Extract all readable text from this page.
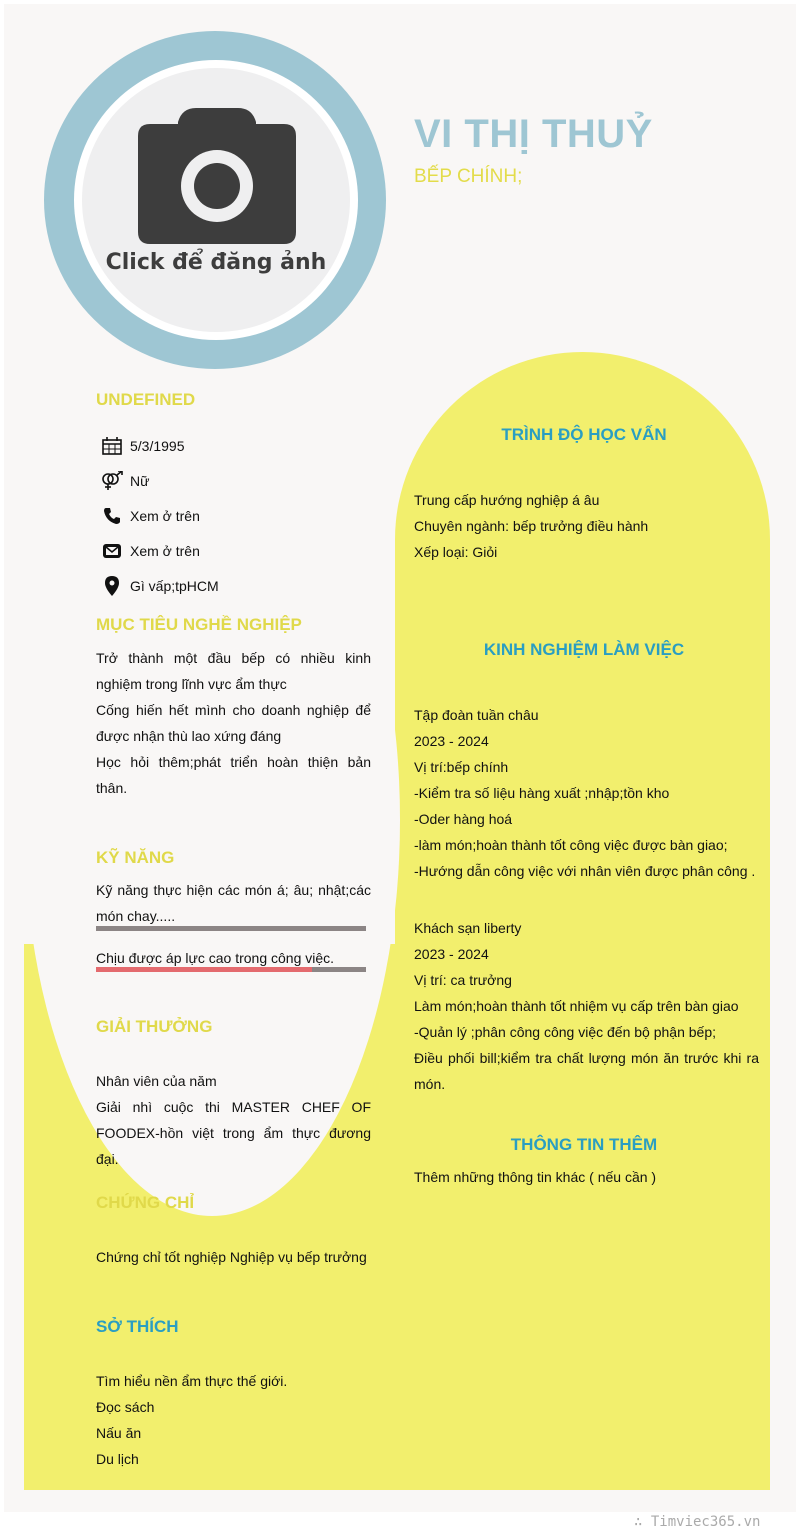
Click để đăng ảnh
VI THỊ THUỶ
BẾP CHÍNH;
UNDEFINED
5/3/1995
Nữ
Xem ở trên
Xem ở trên
Gì vấp;tpHCM
MỤC TIÊU NGHỀ NGHIỆP
Trở thành một đầu bếp có nhiều kinh nghiệm trong lĩnh vực ẩm thực
Cống hiến hết mình cho doanh nghiệp để được nhận thù lao xứng đáng
Học hỏi thêm;phát triển hoàn thiện bản thân.
KỸ NĂNG
Kỹ năng thực hiện các món á; âu; nhật;các món chay.....
Chịu được áp lực cao trong công việc.
GIẢI THƯỞNG
Nhân viên của năm
Giải nhì cuộc thi MASTER CHEF OF FOODEX-hồn việt trong ẩm thực đương đại.
CHỨNG CHỈ
Chứng chỉ tốt nghiệp Nghiệp vụ bếp trưởng
SỞ THÍCH
Tìm hiểu nền ẩm thực thế giới.
Đọc sách
Nấu ăn
Du lịch
TRÌNH ĐỘ HỌC VẤN
Trung cấp hướng nghiệp á âu
Chuyên ngành: bếp trưởng điều hành
Xếp loại: Giỏi
KINH NGHIỆM LÀM VIỆC
Tập đoàn tuần châu
2023 - 2024
Vị trí:bếp chính
-Kiểm tra số liệu hàng xuất ;nhập;tồn kho
-Oder hàng hoá
-làm món;hoàn thành tốt công việc được bàn giao;
-Hướng dẫn công việc với nhân viên được phân công .
Khách sạn liberty
2023 - 2024
Vị trí: ca trưởng
Làm món;hoàn thành tốt nhiệm vụ cấp trên bàn giao
-Quản lý ;phân công công việc đến bộ phận bếp;
Điều phối bill;kiểm tra chất lượng món ăn trước khi ra món.
THÔNG TIN THÊM
Thêm những thông tin khác ( nếu cần )
∴ Timviec365.vn
